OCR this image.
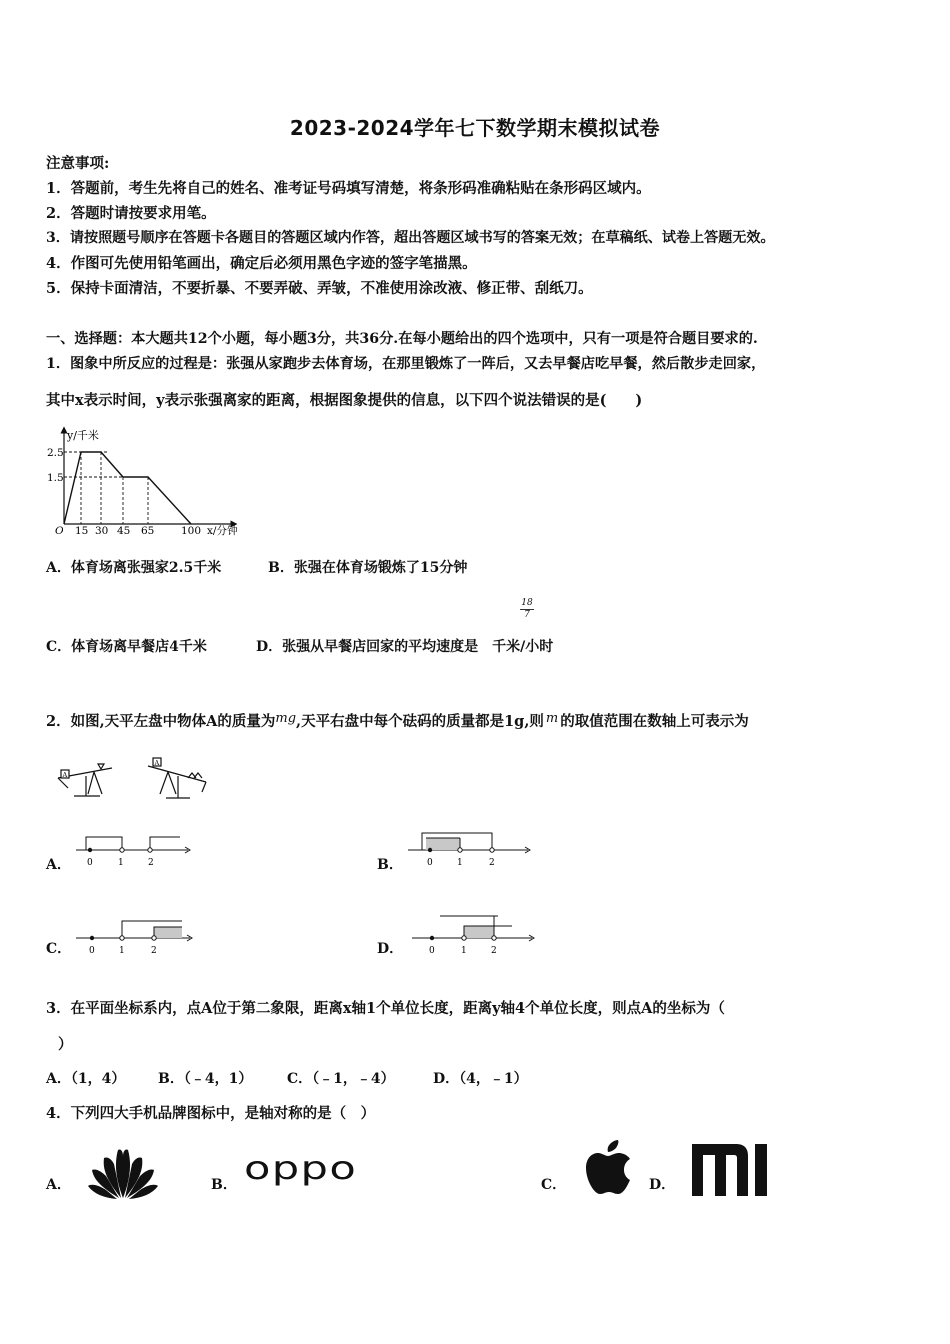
2023-2024学年七下数学期末模拟试卷
注意事项:
1．答题前，考生先将自己的姓名、准考证号码填写清楚，将条形码准确粘贴在条形码区域内。
2．答题时请按要求用笔。
3．请按照题号顺序在答题卡各题目的答题区域内作答，超出答题区域书写的答案无效；在草稿纸、试卷上答题无效。
4．作图可先使用铅笔画出，确定后必须用黑色字迹的签字笔描黑。
5．保持卡面清洁，不要折暴、不要弄破、弄皱，不准使用涂改液、修正带、刮纸刀。
一、选择题：本大题共12个小题，每小题3分，共36分.在每小题给出的四个选项中，只有一项是符合题目要求的.
1．图象中所反应的过程是：张强从家跑步去体育场，在那里锻炼了一阵后，又去早餐店吃早餐，然后散步走回家，
其中x表示时间，y表示张强离家的距离，根据图象提供的信息，以下四个说法错误的是(　　)
y/千米
2.5
1.5
O 15 30 45 65	100 x/分钟
A．体育场离张强家2.5千米	B．张强在体育场锻炼了15分钟
$\frac{18}{7}$
C．体育场离早餐店4千米	D．张强从早餐店回家的平均速度是 千米/小时
2．如图,天平左盘中物体A的质量为mg,天平右盘中每个砝码的质量都是1g,则 m 的取值范围在数轴上可表示为
A
A
A． 0	1	2	B．	0	1	2
C． 0	1	2	D．	0	1	2
3．在平面坐标系内，点A位于第二象限，距离x轴1个单位长度，距离y轴4个单位长度，则点A的坐标为（
）
A．（1，4） B．（﹣4，1） C．（﹣1，﹣4）	D．（4，﹣1）
4．下列四大手机品牌图标中，是轴对称的是（　）
A．	B． oppo	C．	D．
